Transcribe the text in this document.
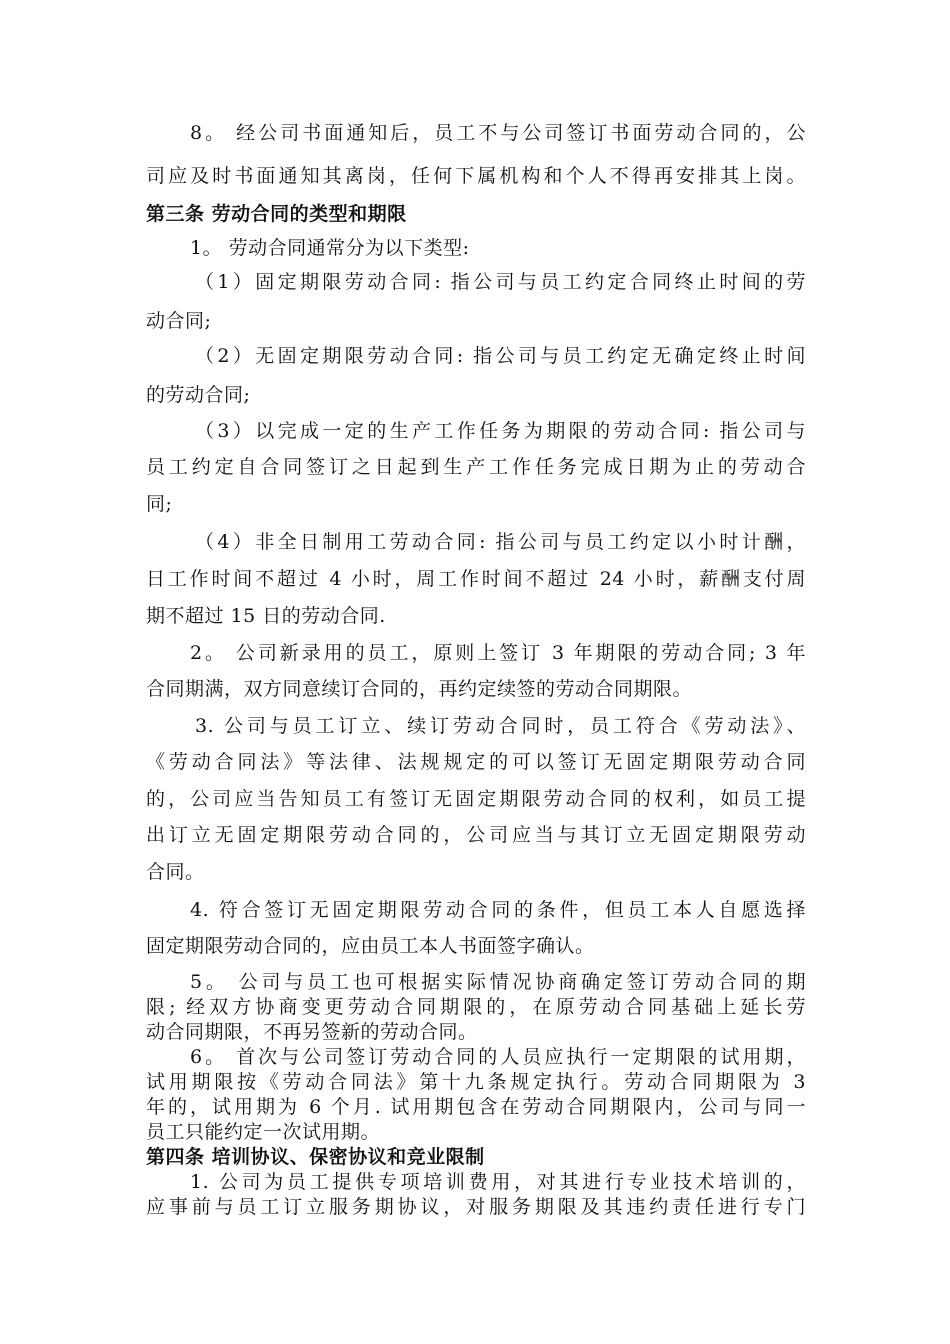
8。 经公司书面通知后，员工不与公司签订书面劳动合同的，公
司应及时书面通知其离岗，任何下属机构和个人不得再安排其上岗。
第三条 劳动合同的类型和期限
1。 劳动合同通常分为以下类型:
（1）固定期限劳动合同: 指公司与员工约定合同终止时间的劳
动合同;
（2）无固定期限劳动合同: 指公司与员工约定无确定终止时间
的劳动合同;
（3）以完成一定的生产工作任务为期限的劳动合同: 指公司与
员工约定自合同签订之日起到生产工作任务完成日期为止的劳动合
同;
（4）非全日制用工劳动合同: 指公司与员工约定以小时计酬，
日工作时间不超过 4 小时，周工作时间不超过 24 小时，薪酬支付周
期不超过 15 日的劳动合同.
2。 公司新录用的员工，原则上签订 3 年期限的劳动合同; 3 年
合同期满，双方同意续订合同的，再约定续签的劳动合同期限。
3. 公司与员工订立、续订劳动合同时，员工符合《劳动法》、
《劳动合同法》等法律、法规规定的可以签订无固定期限劳动合同
的，公司应当告知员工有签订无固定期限劳动合同的权利，如员工提
出订立无固定期限劳动合同的，公司应当与其订立无固定期限劳动
合同。
4. 符合签订无固定期限劳动合同的条件，但员工本人自愿选择
固定期限劳动合同的，应由员工本人书面签字确认。
5。 公司与员工也可根据实际情况协商确定签订劳动合同的期
限; 经双方协商变更劳动合同期限的，在原劳动合同基础上延长劳
动合同期限，不再另签新的劳动合同。
6。 首次与公司签订劳动合同的人员应执行一定期限的试用期，
试用期限按《劳动合同法》第十九条规定执行。劳动合同期限为 3
年的，试用期为 6 个月. 试用期包含在劳动合同期限内，公司与同一
员工只能约定一次试用期。
第四条 培训协议、保密协议和竞业限制
1. 公司为员工提供专项培训费用，对其进行专业技术培训的，
应事前与员工订立服务期协议，对服务期限及其违约责任进行专门
